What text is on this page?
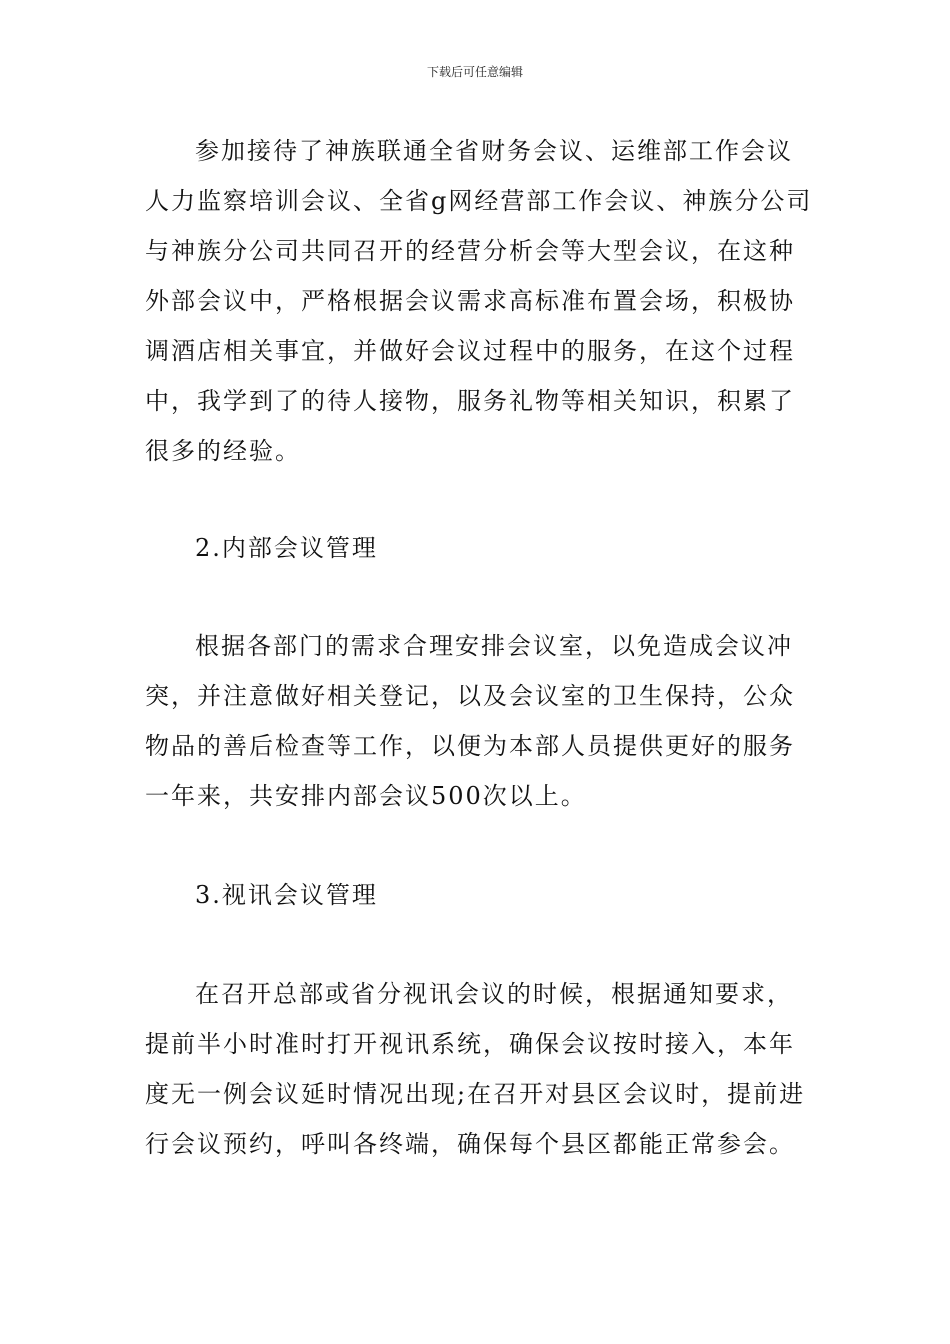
下载后可任意编辑
参加接待了神族联通全省财务会议、运维部工作会议
人力监察培训会议、全省g网经营部工作会议、神族分公司
与神族分公司共同召开的经营分析会等大型会议，在这种
外部会议中，严格根据会议需求高标准布置会场，积极协
调酒店相关事宜，并做好会议过程中的服务，在这个过程
中，我学到了的待人接物，服务礼物等相关知识，积累了
很多的经验。
2.内部会议管理
根据各部门的需求合理安排会议室，以免造成会议冲
突，并注意做好相关登记，以及会议室的卫生保持，公众
物品的善后检查等工作，以便为本部人员提供更好的服务
一年来，共安排内部会议500次以上。
3.视讯会议管理
在召开总部或省分视讯会议的时候，根据通知要求，
提前半小时准时打开视讯系统，确保会议按时接入，本年
度无一例会议延时情况出现;在召开对县区会议时，提前进
行会议预约，呼叫各终端，确保每个县区都能正常参会。
